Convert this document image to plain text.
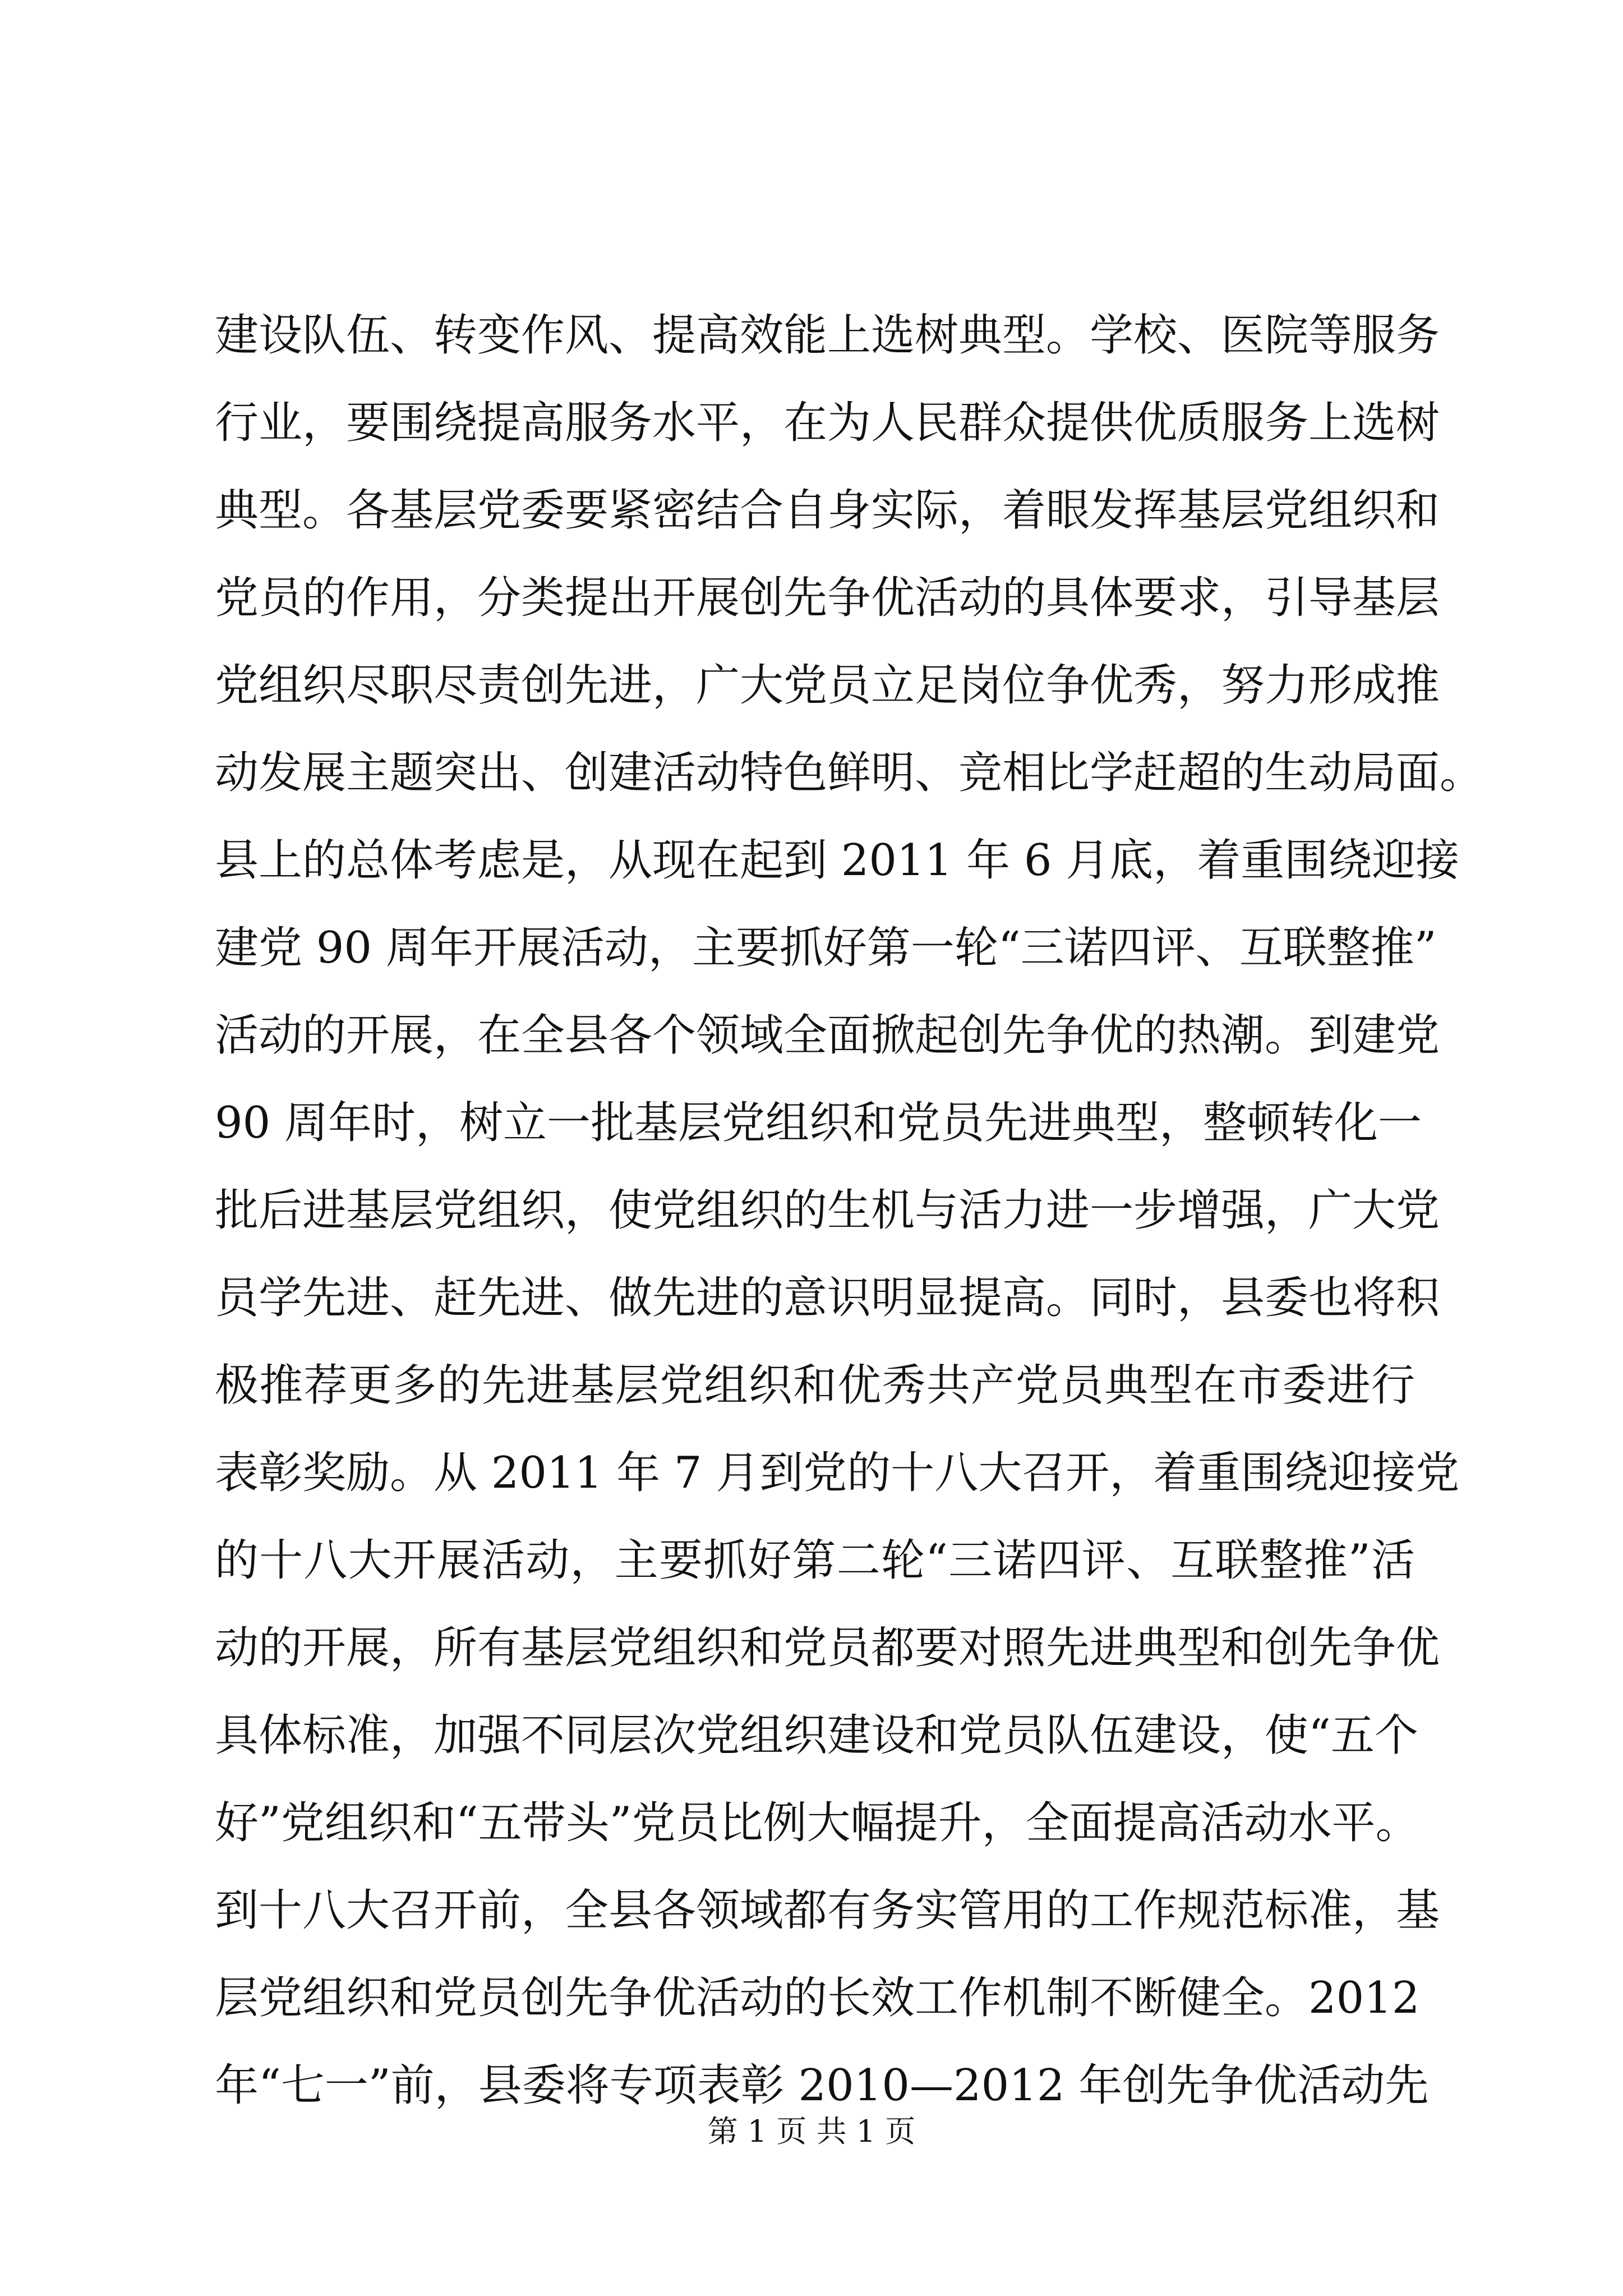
建设队伍、转变作风、提高效能上选树典型。学校、医院等服务
行业，要围绕提高服务水平，在为人民群众提供优质服务上选树
典型。各基层党委要紧密结合自身实际，着眼发挥基层党组织和
党员的作用，分类提出开展创先争优活动的具体要求，引导基层
党组织尽职尽责创先进，广大党员立足岗位争优秀，努力形成推
动发展主题突出、创建活动特色鲜明、竞相比学赶超的生动局面。
县上的总体考虑是，从现在起到 2011 年 6 月底，着重围绕迎接
建党 90 周年开展活动，主要抓好第一轮“三诺四评、互联整推”
活动的开展，在全县各个领域全面掀起创先争优的热潮。到建党
90 周年时，树立一批基层党组织和党员先进典型，整顿转化一
批后进基层党组织，使党组织的生机与活力进一步增强，广大党
员学先进、赶先进、做先进的意识明显提高。同时，县委也将积
极推荐更多的先进基层党组织和优秀共产党员典型在市委进行
表彰奖励。从 2011 年 7 月到党的十八大召开，着重围绕迎接党
的十八大开展活动，主要抓好第二轮“三诺四评、互联整推”活
动的开展，所有基层党组织和党员都要对照先进典型和创先争优
具体标准，加强不同层次党组织建设和党员队伍建设，使“五个
好”党组织和“五带头”党员比例大幅提升，全面提高活动水平。
到十八大召开前，全县各领域都有务实管用的工作规范标准，基
层党组织和党员创先争优活动的长效工作机制不断健全。2012
年“七一”前，县委将专项表彰 2010—2012 年创先争优活动先
第 1 页 共 1 页
